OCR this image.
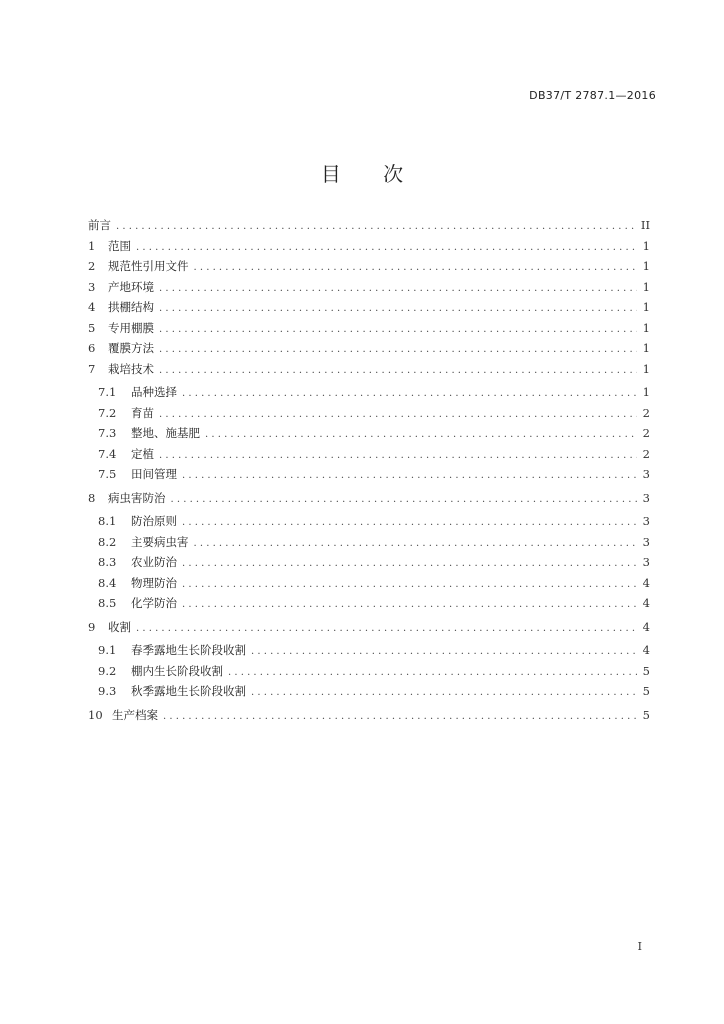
DB37/T 2787.1—2016
目 次
前言 . . .	II
1	范围 . . .	1
2	规范性引用文件 . . .	1
3	产地环境 . . .	1
4	拱棚结构 . . .	1
5	专用棚膜 . . .	1
6	覆膜方法 . . .	1
7	栽培技术 . . .	1
7.1	品种选择 . . .	1
7.2	育苗 . . .	2
7.3	整地、施基肥 . . .	2
7.4	定植 . . .	2
7.5	田间管理 . . .	3
8	病虫害防治 . . .	3
8.1	防治原则 . . .	3
8.2	主要病虫害 . . .	3
8.3	农业防治 . . .	3
8.4	物理防治 . . .	4
8.5	化学防治 . . .	4
9	收割 . . .	4
9.1	春季露地生长阶段收割 . . .	4
9.2	棚内生长阶段收割 . . .	5
9.3	秋季露地生长阶段收割 . . .	5
10 生产档案 . . .	5
I
